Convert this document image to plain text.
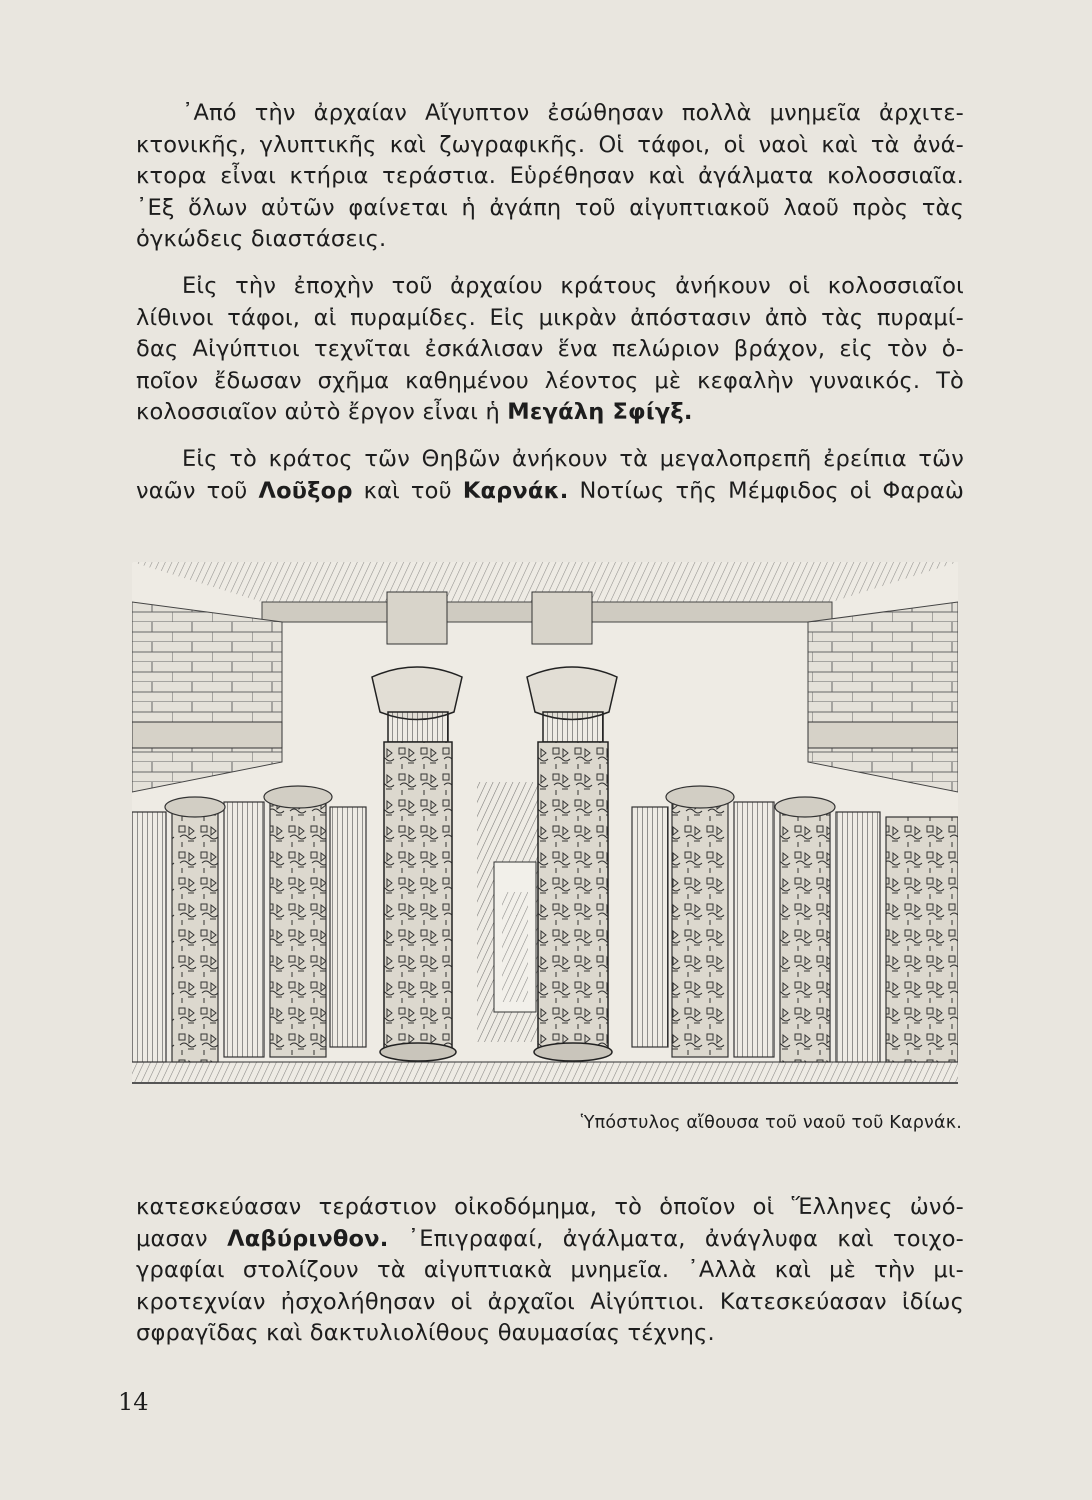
᾿Από τὴν ἀρχαίαν Αἴγυπτον ἐσώθησαν πολλὰ μνημεῖα ἀρχιτε-
κτονικῆς, γλυπτικῆς καὶ ζωγραφικῆς. Οἱ τάφοι, οἱ ναοὶ καὶ τὰ ἀνά-
κτορα εἶναι κτήρια τεράστια. Εὑρέθησαν καὶ ἀγάλματα κολοσσιαῖα.
᾿Εξ ὅλων αὐτῶν φαίνεται ἡ ἀγάπη τοῦ αἰγυπτιακοῦ λαοῦ πρὸς τὰς
ὀγκώδεις διαστάσεις.
Εἰς τὴν ἐποχὴν τοῦ ἀρχαίου κράτους ἀνήκουν οἱ κολοσσιαῖοι
λίθινοι τάφοι, αἱ πυραμίδες. Εἰς μικρὰν ἀπόστασιν ἀπὸ τὰς πυραμί-
δας Αἰγύπτιοι τεχνῖται ἐσκάλισαν ἕνα πελώριον βράχον, εἰς τὸν ὁ-
ποῖον ἔδωσαν σχῆμα καθημένου λέοντος μὲ κεφαλὴν γυναικός. Τὸ
κολοσσιαῖον αὐτὸ ἔργον εἶναι ἡ Μεγάλη Σφίγξ.
Εἰς τὸ κράτος τῶν Θηβῶν ἀνήκουν τὰ μεγαλοπρεπῆ ἐρείπια τῶν
ναῶν τοῦ Λοῦξορ καὶ τοῦ Καρνάκ. Νοτίως τῆς Μέμφιδος οἱ Φαραὼ
Ὑπόστυλος αἴθουσα τοῦ ναοῦ τοῦ Καρνάκ.
κατεσκεύασαν τεράστιον οἰκοδόμημα, τὸ ὁποῖον οἱ Ἕλληνες ὠνό-
μασαν Λαβύρινθον. ᾿Επιγραφαί, ἀγάλματα, ἀνάγλυφα καὶ τοιχο-
γραφίαι στολίζουν τὰ αἰγυπτιακὰ μνημεῖα. ᾿Αλλὰ καὶ μὲ τὴν μι-
κροτεχνίαν ἠσχολήθησαν οἱ ἀρχαῖοι Αἰγύπτιοι. Κατεσκεύασαν ἰδίως
σφραγῖδας καὶ δακτυλιολίθους θαυμασίας τέχνης.
14
